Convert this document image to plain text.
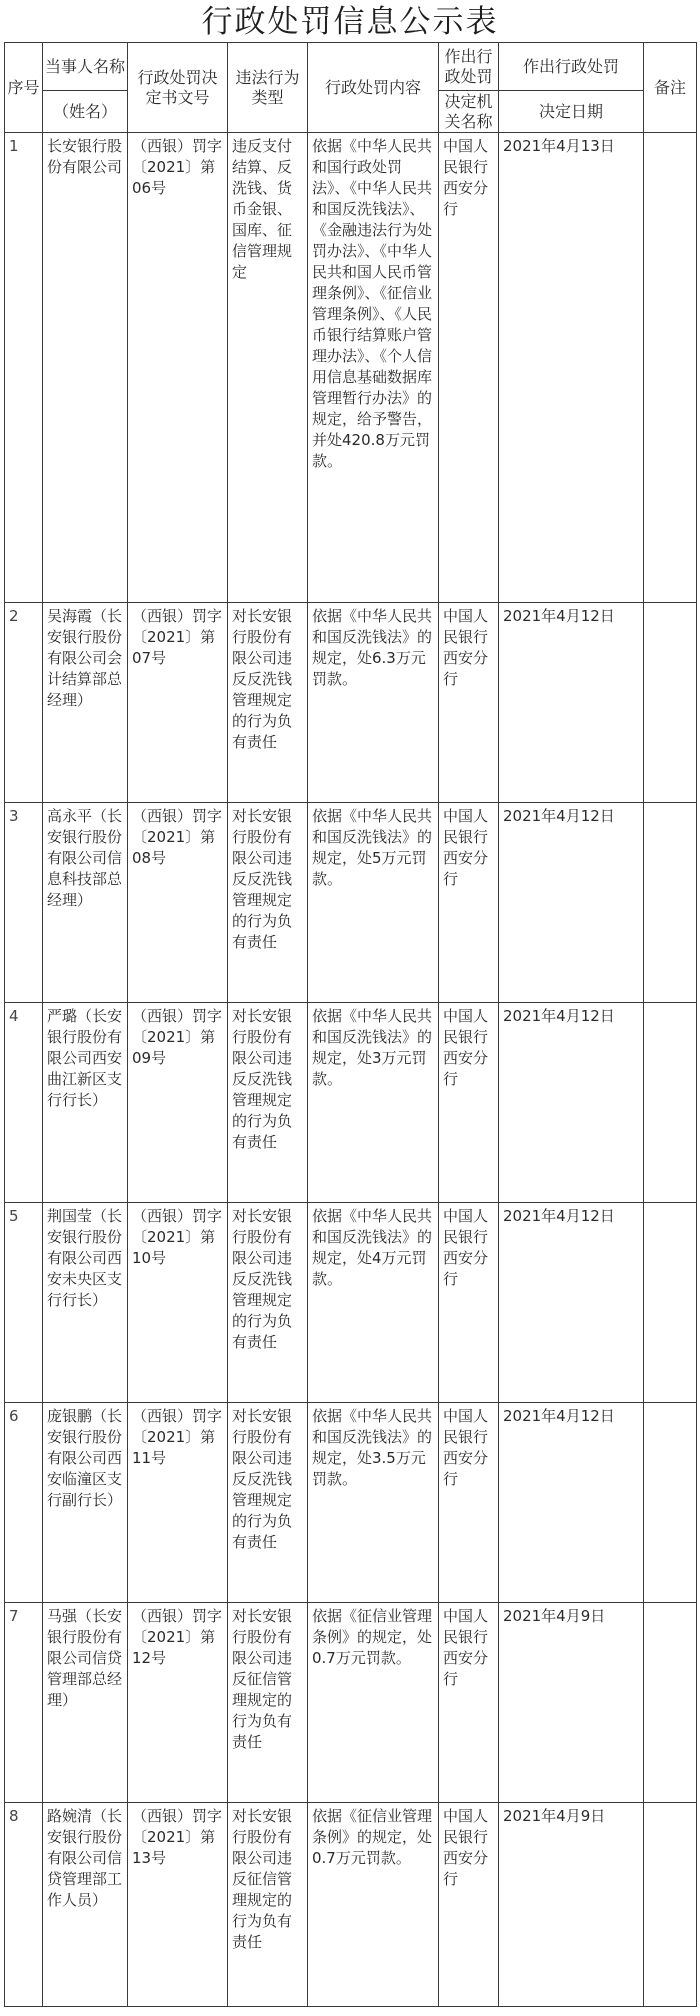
行政处罚信息公示表
序号	当事人名称	行政处罚决定书文号	违法行为类型	行政处罚内容	作出行政处罚	作出行政处罚	备注
	（姓名）				决定机关名称	决定日期	
1	长安银行股份有限公司	（西银）罚字〔2021〕第06号	违反支付结算、反洗钱、货币金银、国库、征信管理规定	依据《中华人民共和国行政处罚法》、《中华人民共和国反洗钱法》、《金融违法行为处罚办法》、《中华人民共和国人民币管理条例》、《征信业管理条例》、《人民币银行结算账户管理办法》、《个人信用信息基础数据库管理暂行办法》的规定，给予警告，并处420.8万元罚款。	中国人民银行西安分行	2021年4月13日	
2	吴海霞（长安银行股份有限公司会计结算部总经理）	（西银）罚字〔2021〕第07号	对长安银行股份有限公司违反反洗钱管理规定的行为负有责任	依据《中华人民共和国反洗钱法》的规定，处6.3万元罚款。	中国人民银行西安分行	2021年4月12日	
3	高永平（长安银行股份有限公司信息科技部总经理）	（西银）罚字〔2021〕第08号	对长安银行股份有限公司违反反洗钱管理规定的行为负有责任	依据《中华人民共和国反洗钱法》的规定，处5万元罚款。	中国人民银行西安分行	2021年4月12日	
4	严璐（长安银行股份有限公司西安曲江新区支行行长）	（西银）罚字〔2021〕第09号	对长安银行股份有限公司违反反洗钱管理规定的行为负有责任	依据《中华人民共和国反洗钱法》的规定，处3万元罚款。	中国人民银行西安分行	2021年4月12日	
5	荆国莹（长安银行股份有限公司西安未央区支行行长）	（西银）罚字〔2021〕第10号	对长安银行股份有限公司违反反洗钱管理规定的行为负有责任	依据《中华人民共和国反洗钱法》的规定，处4万元罚款。	中国人民银行西安分行	2021年4月12日	
6	庞银鹏（长安银行股份有限公司西安临潼区支行副行长）	（西银）罚字〔2021〕第11号	对长安银行股份有限公司违反反洗钱管理规定的行为负有责任	依据《中华人民共和国反洗钱法》的规定，处3.5万元罚款。	中国人民银行西安分行	2021年4月12日	
7	马强（长安银行股份有限公司信贷管理部总经理）	（西银）罚字〔2021〕第12号	对长安银行股份有限公司违反征信管理规定的行为负有责任	依据《征信业管理条例》的规定，处0.7万元罚款。	中国人民银行西安分行	2021年4月9日	
8	路婉清（长安银行股份有限公司信贷管理部工作人员）	（西银）罚字〔2021〕第13号	对长安银行股份有限公司违反征信管理规定的行为负有责任	依据《征信业管理条例》的规定，处0.7万元罚款。	中国人民银行西安分行	2021年4月9日	
